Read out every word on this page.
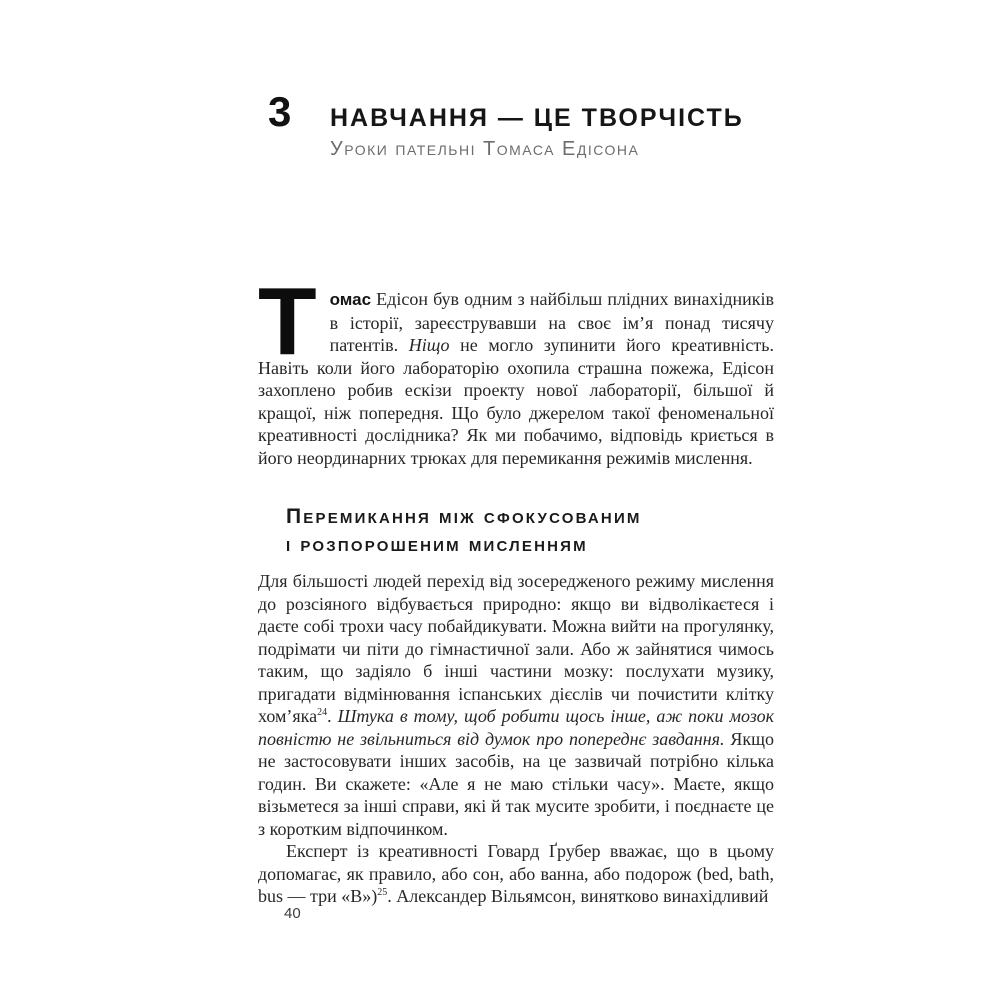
3	НАВЧАННЯ — ЦЕ ТВОРЧІСТЬ
Уроки пательні Томаса Едісона

Томас Едісон був одним з найбільш плідних винахідників в історії, зареєструвавши на своє ім’я понад тисячу патентів. Ніщо не могло зупинити його креативність. Навіть коли його лабораторію охопила страшна пожежа, Едісон захоплено робив ескізи проекту нової лабораторії, більшої й кращої, ніж попередня. Що було джерелом такої феноменальної креативності дослідника? Як ми побачимо, відповідь криється в його неординарних трюках для перемикання режимів мислення.

Перемикання між сфокусованим
і розпорошеним мисленням

Для більшості людей перехід від зосередженого режиму мислення до розсіяного відбувається природно: якщо ви відволікаєтеся і даєте собі трохи часу побайдикувати. Можна вийти на прогулянку, подрімати чи піти до гімнастичної зали. Або ж зайнятися чимось таким, що задіяло б інші частини мозку: послухати музику, пригадати відмінювання іспанських дієслів чи почистити клітку хом’яка$^{24}$. Штука в тому, щоб робити щось інше, аж поки мозок повністю не звільниться від думок про попереднє завдання. Якщо не застосовувати інших засобів, на це зазвичай потрібно кілька годин. Ви скажете: «Але я не маю стільки часу». Маєте, якщо візьметеся за інші справи, які й так мусите зробити, і поєднаєте це з коротким відпочинком.

Експерт із креативності Говард Ґрубер вважає, що в цьому допомагає, як правило, або сон, або ванна, або подорож (bed, bath, bus — три «B»)$^{25}$. Александер Вільямсон, винятково винахідливий

40
